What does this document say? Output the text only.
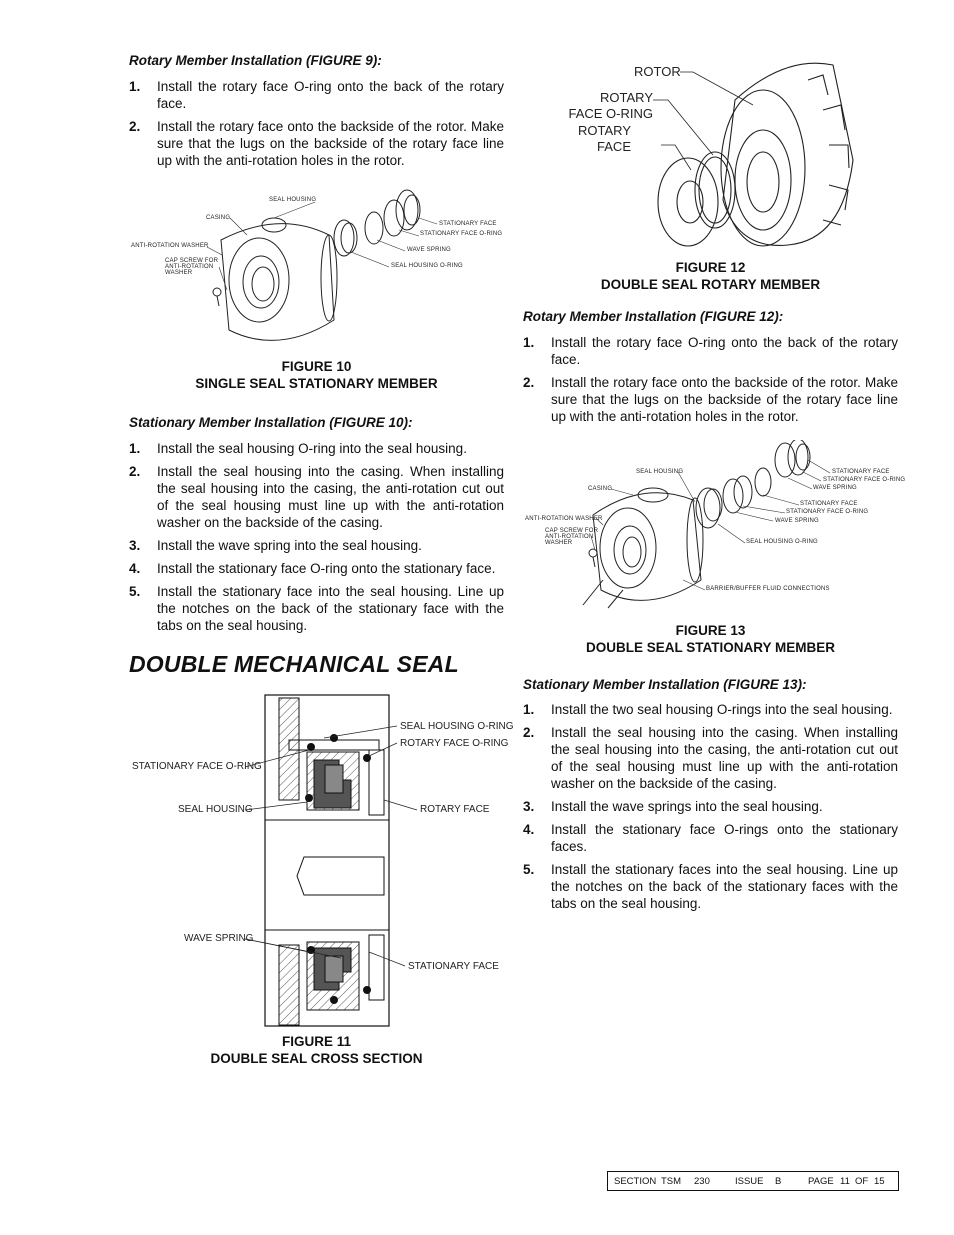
Rotary Member Installation (FIGURE 9):
1. Install the rotary face O-ring onto the back of the rotary face.
2. Install the rotary face onto the backside of the rotor. Make sure that the lugs on the backside of the rotary face line up with the anti-rotation holes in the rotor.
SEAL HOUSING
CASING
ANTI-ROTATION WASHER
CAP SCREW FOR
ANTI-ROTATION
WASHER
STATIONARY FACE
STATIONARY FACE O-RING
WAVE SPRING
SEAL HOUSING O-RING
FIGURE 10
SINGLE SEAL STATIONARY MEMBER
Stationary Member Installation (FIGURE 10):
1. Install the seal housing O-ring into the seal housing.
2. Install the seal housing into the casing. When installing the seal housing into the casing, the anti-rotation cut out of the seal housing must line up with the anti-rotation washer on the backside of the casing.
3. Install the wave spring into the seal housing.
4. Install the stationary face O-ring onto the stationary face.
5. Install the stationary face into the seal housing. Line up the notches on the back of the stationary face with the tabs on the seal housing.
DOUBLE MECHANICAL SEAL
SEAL HOUSING O-RING
ROTARY FACE O-RING
STATIONARY FACE O-RING
SEAL HOUSING	ROTARY FACE
WAVE SPRING
STATIONARY FACE
FIGURE 11
DOUBLE SEAL CROSS SECTION
ROTOR
ROTARY
FACE O-RING
ROTARY
FACE
FIGURE 12
DOUBLE SEAL ROTARY MEMBER
Rotary Member Installation (FIGURE 12):
1. Install the rotary face O-ring onto the back of the rotary face.
2. Install the rotary face onto the backside of the rotor. Make sure that the lugs on the backside of the rotary face line up with the anti-rotation holes in the rotor.
SEAL HOUSING
CASING
ANTI-ROTATION WASHER
CAP SCREW FOR
ANTI-ROTATION
WASHER
STATIONARY FACE
STATIONARY FACE O-RING
WAVE SPRING
STATIONARY FACE
STATIONARY FACE O-RING
WAVE SPRING
SEAL HOUSING O-RING
BARRIER/BUFFER FLUID CONNECTIONS
FIGURE 13
DOUBLE SEAL STATIONARY MEMBER
Stationary Member Installation (FIGURE 13):
1. Install the two seal housing O-rings into the seal housing.
2. Install the seal housing into the casing. When installing the seal housing into the casing, the anti-rotation cut out of the seal housing must line up with the anti-rotation washer on the backside of the casing.
3. Install the wave springs into the seal housing.
4. Install the stationary face O-rings onto the stationary faces.
5. Install the stationary faces into the seal housing. Line up the notches on the back of the stationary faces with the tabs on the seal housing.
SECTION TSM 230	ISSUE B	PAGE 11 OF 15
